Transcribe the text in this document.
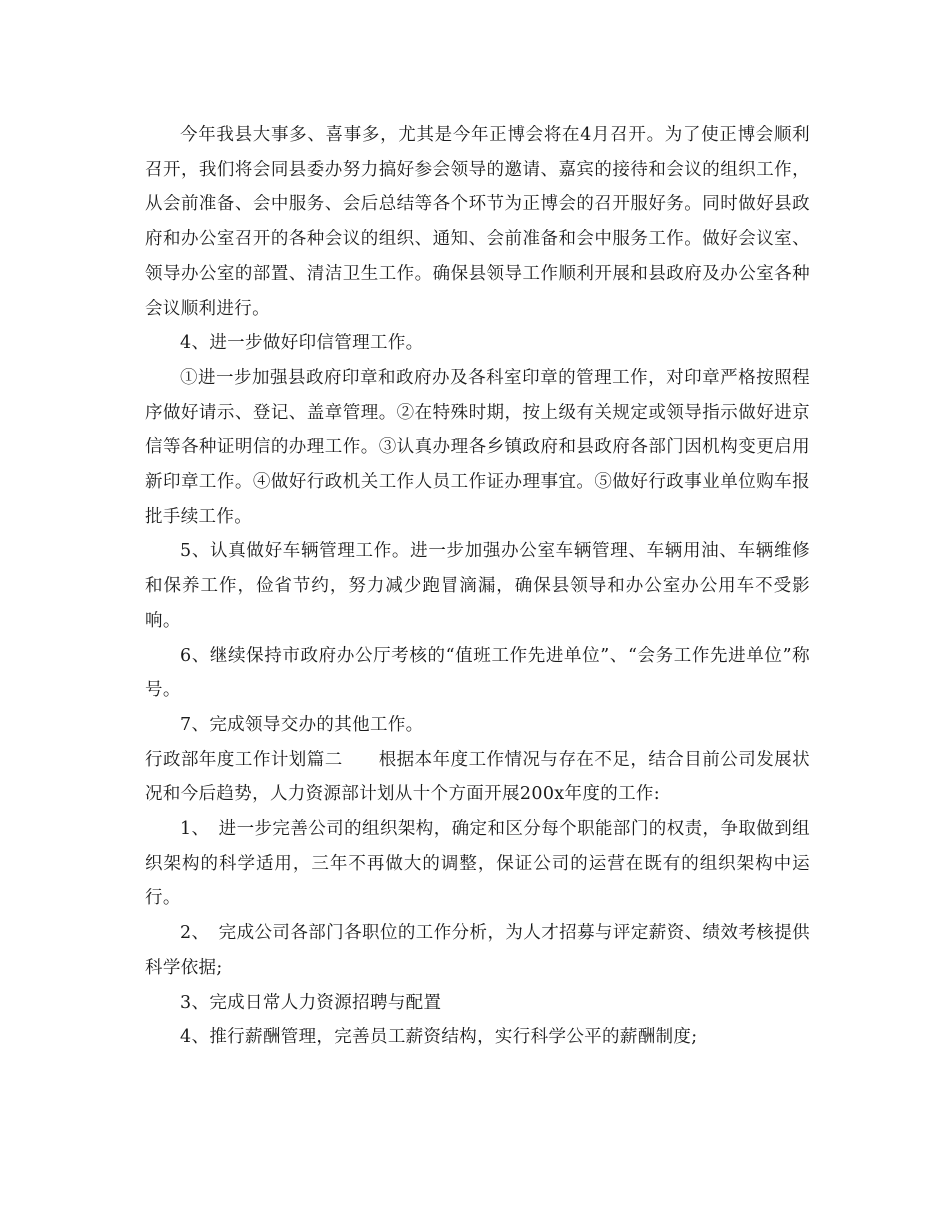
今年我县大事多、喜事多，尤其是今年正博会将在4月召开。为了使正博会顺利召开，我们将会同县委办努力搞好参会领导的邀请、嘉宾的接待和会议的组织工作，从会前准备、会中服务、会后总结等各个环节为正博会的召开服好务。同时做好县政府和办公室召开的各种会议的组织、通知、会前准备和会中服务工作。做好会议室、领导办公室的部置、清洁卫生工作。确保县领导工作顺利开展和县政府及办公室各种会议顺利进行。

4、进一步做好印信管理工作。

①进一步加强县政府印章和政府办及各科室印章的管理工作，对印章严格按照程序做好请示、登记、盖章管理。②在特殊时期，按上级有关规定或领导指示做好进京信等各种证明信的办理工作。③认真办理各乡镇政府和县政府各部门因机构变更启用新印章工作。④做好行政机关工作人员工作证办理事宜。⑤做好行政事业单位购车报批手续工作。

5、认真做好车辆管理工作。进一步加强办公室车辆管理、车辆用油、车辆维修和保养工作，俭省节约，努力减少跑冒滴漏，确保县领导和办公室办公用车不受影响。

6、继续保持市政府办公厅考核的“值班工作先进单位”、“会务工作先进单位”称号。

7、完成领导交办的其他工作。

行政部年度工作计划篇二　　根据本年度工作情况与存在不足，结合目前公司发展状况和今后趋势，人力资源部计划从十个方面开展200x年度的工作:

1、　进一步完善公司的组织架构，确定和区分每个职能部门的权责，争取做到组织架构的科学适用，三年不再做大的调整，保证公司的运营在既有的组织架构中运行。

2、　完成公司各部门各职位的工作分析，为人才招募与评定薪资、绩效考核提供科学依据;

3、完成日常人力资源招聘与配置

4、推行薪酬管理，完善员工薪资结构，实行科学公平的薪酬制度;
